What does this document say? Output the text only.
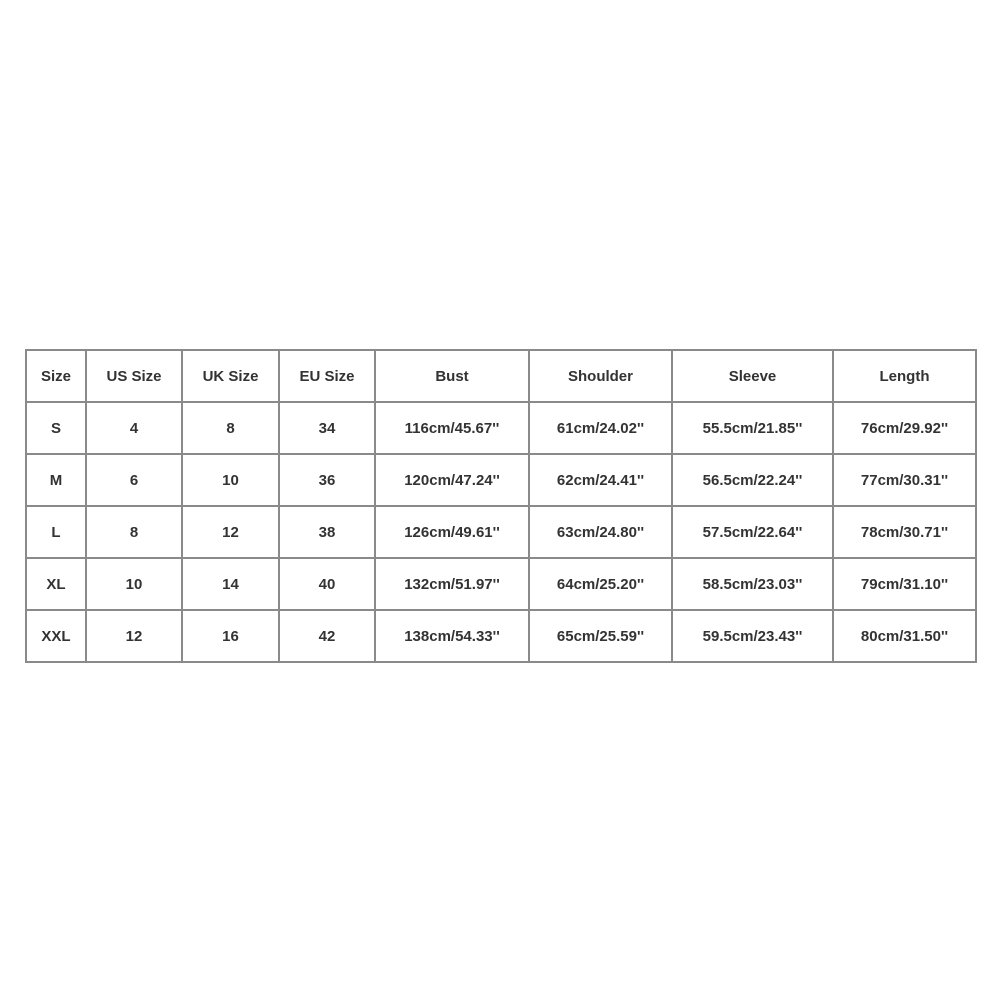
Size	US Size	UK Size	EU Size	Bust	Shoulder	Sleeve	Length
S	4	8	34	116cm/45.67''	61cm/24.02''	55.5cm/21.85''	76cm/29.92''
M	6	10	36	120cm/47.24''	62cm/24.41''	56.5cm/22.24''	77cm/30.31''
L	8	12	38	126cm/49.61''	63cm/24.80''	57.5cm/22.64''	78cm/30.71''
XL	10	14	40	132cm/51.97''	64cm/25.20''	58.5cm/23.03''	79cm/31.10''
XXL	12	16	42	138cm/54.33''	65cm/25.59''	59.5cm/23.43''	80cm/31.50''
